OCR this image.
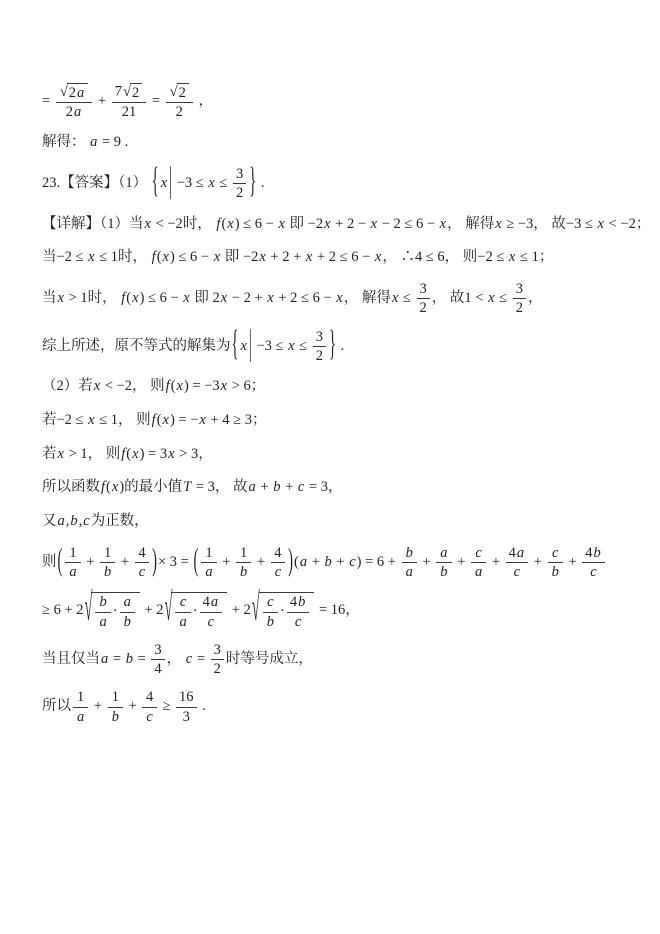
= $\frac{√ 2a}{2a} + \frac{7 √ 2}{21} = \frac{√ 2}{2}$ ，
解得： a = 9 .
23.【答案】（1） { x | $-3 \le x \le \frac{3}{2}$ } .
【详解】（1）当x < −2时， f(x) ≤ 6 − x 即 −2x + 2 − x − 2 ≤ 6 − x， 解得x ≥ −3， 故−3 ≤ x < −2；
当−2 ≤ x ≤ 1时， f(x) ≤ 6 − x 即 −2x + 2 + x + 2 ≤ 6 − x， ∴4 ≤ 6， 则−2 ≤ x ≤ 1；
当x > 1时， f(x) ≤ 6 − x 即 2x − 2 + x + 2 ≤ 6 − x， 解得$x \le \frac{3}{2}$ ， 故$1 < x \le \frac{3}{2}$ ，
综上所述，原不等式的解集为{ x | $-3 \le x \le \frac{3}{2}$ } .
（2）若x < −2， 则f(x) = −3x > 6；
若−2 ≤ x ≤ 1， 则f(x) = −x + 4 ≥ 3；
若x > 1， 则f(x) = 3x > 3，
所以函数f(x)的最小值T = 3， 故a + b + c = 3，
又a,b,c为正数，
则( $\frac{1}{a} + \frac{1}{b} + \frac{4}{c}$ )× 3 = ( $\frac{1}{a} + \frac{1}{b} + \frac{4}{c} )(a + b + c) = 6 + \frac{b}{a} + \frac{a}{b} + \frac{c}{a} + \frac{4a}{c} + \frac{c}{b} + \frac{4b}{c}$
≥ 6 + 2 √ $\frac{b}{a} \cdot \frac{a}{b} + 2$ √ $\frac{c}{a} \cdot \frac{4a}{c} + 2$ √ $\frac{c}{b} \cdot \frac{4b}{c} = 16$，
当且仅当$a = b = \frac{3}{4}$ ， $c = \frac{3}{2}$ 时等号成立，
所以 $\frac{1}{a} + \frac{1}{b} + \frac{4}{c} \ge \frac{16}{3}$ .
